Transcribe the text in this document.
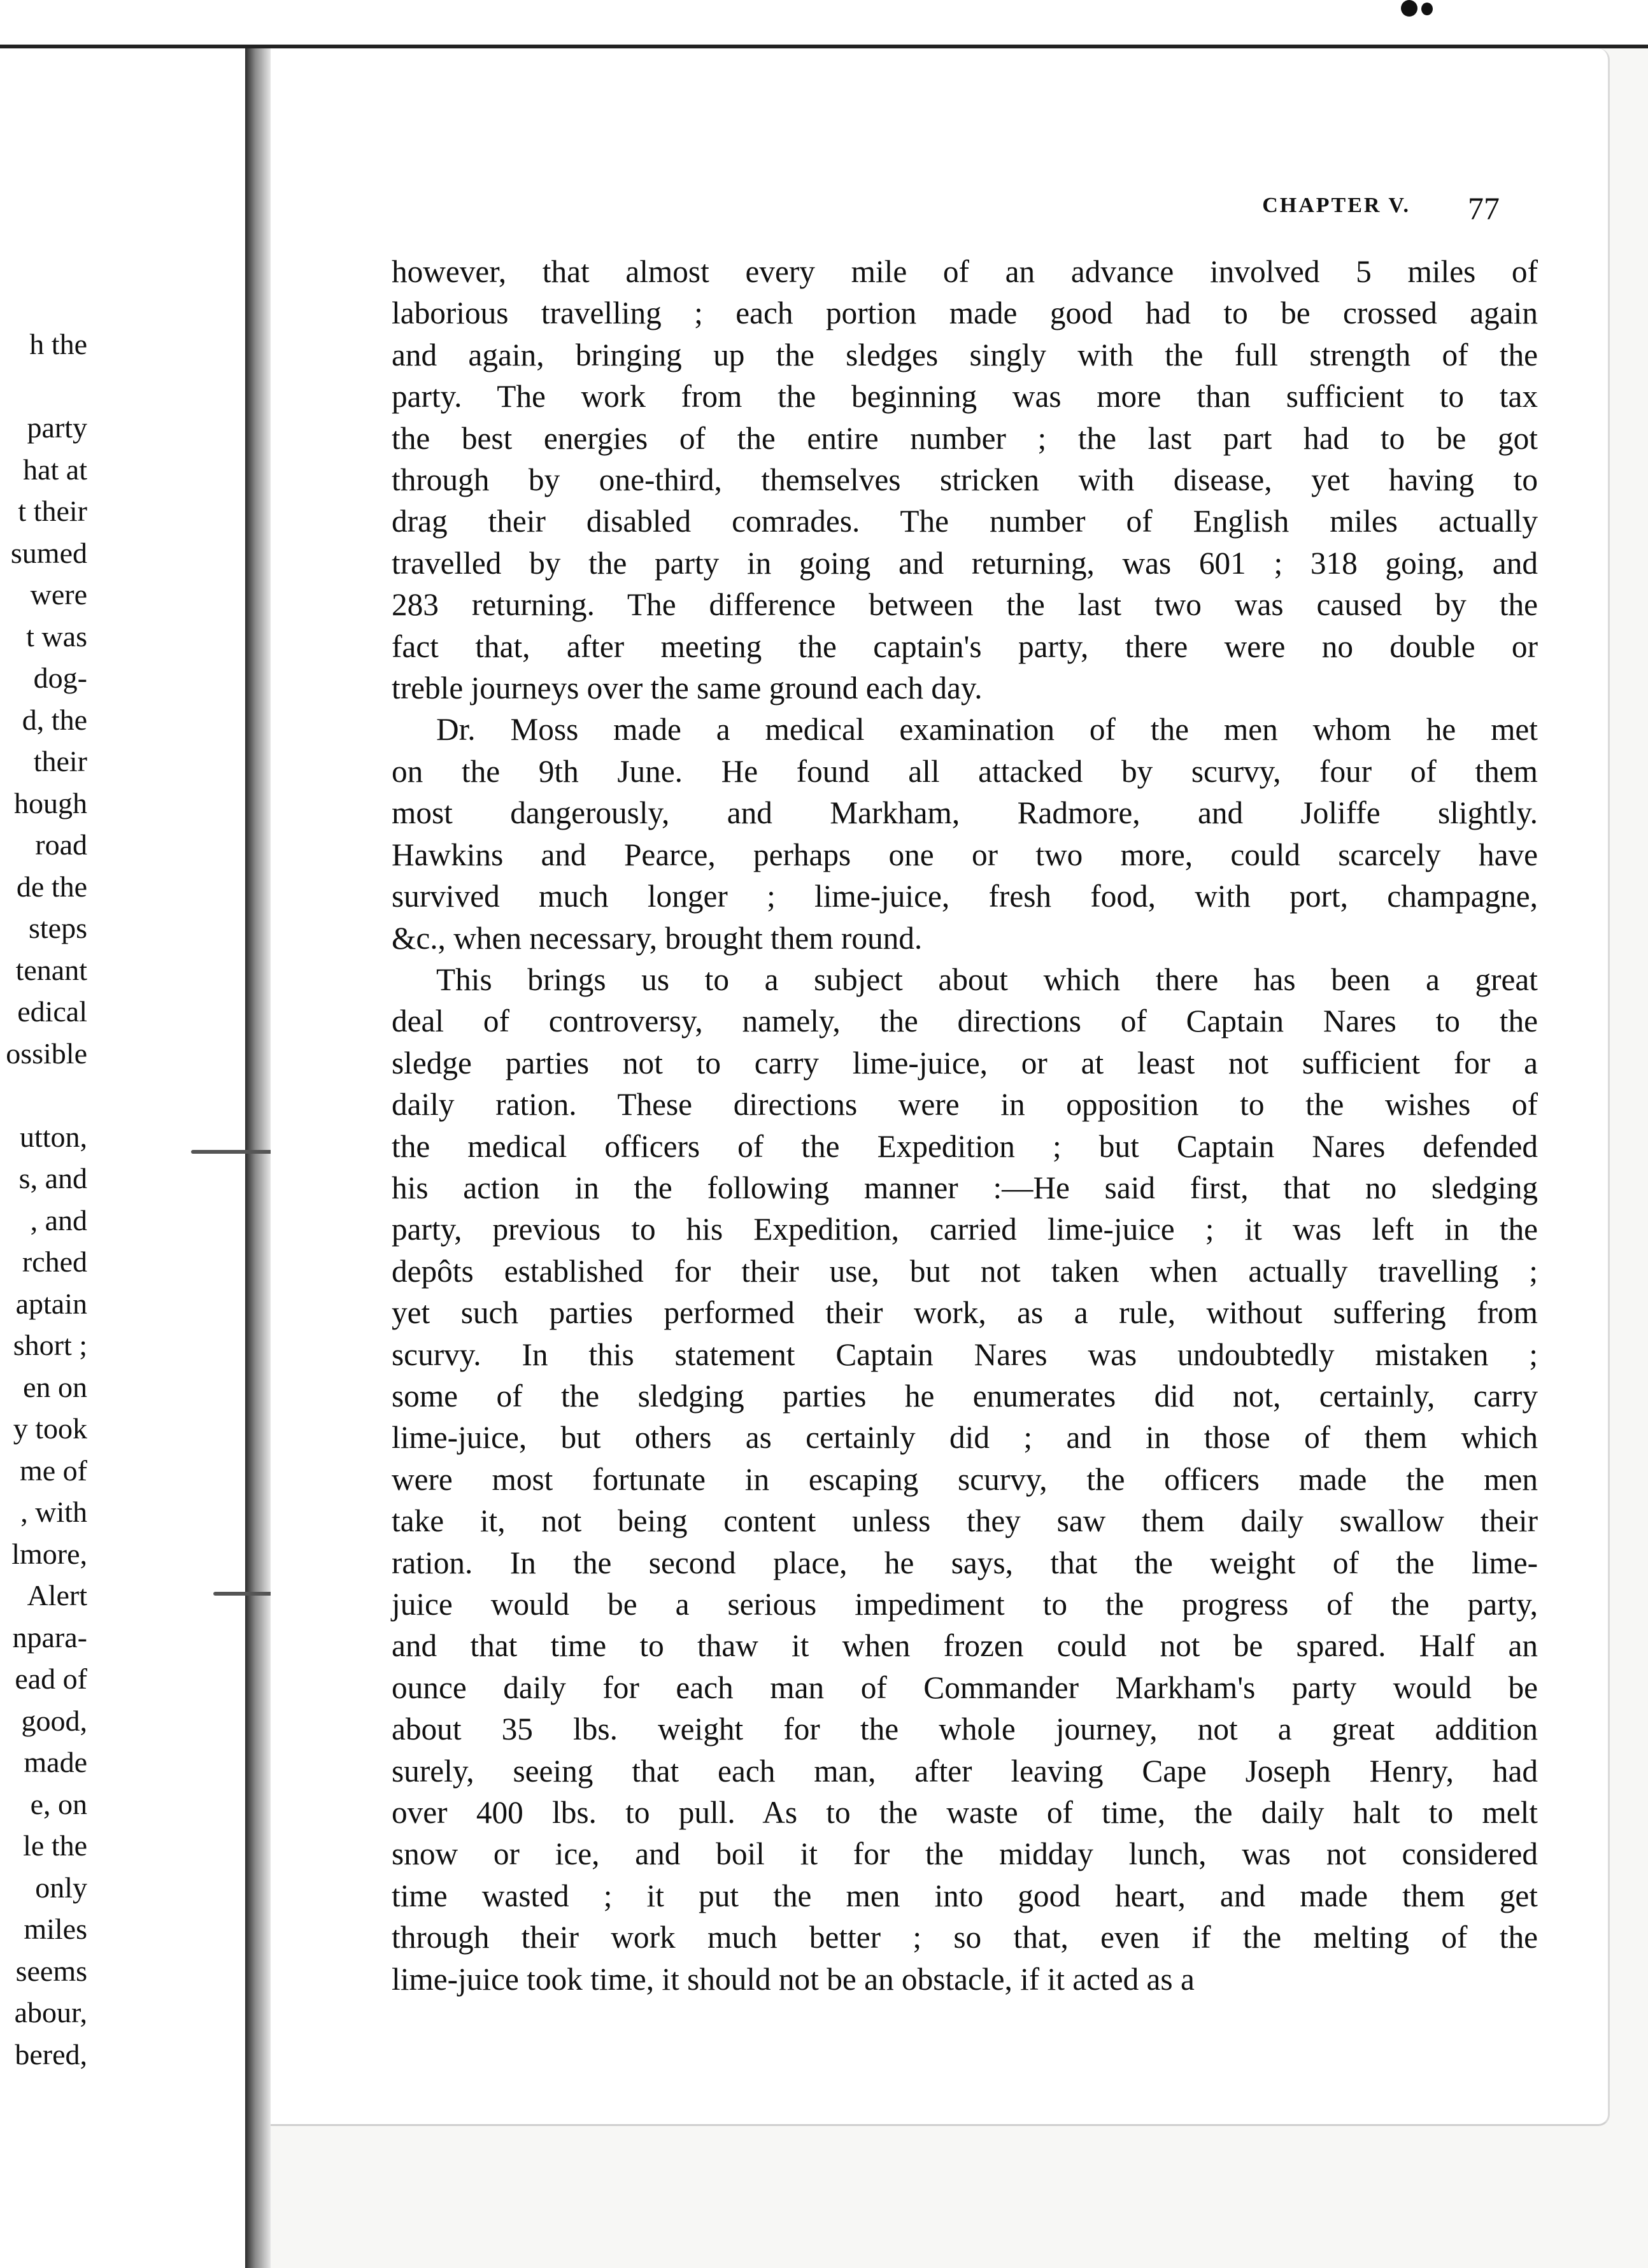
h the

party
hat at
t their
sumed
were
t was
dog-
d, the
their
hough
road
de the
steps
tenant
edical
ossible

utton,
s, and
, and
rched
aptain
short ;
en on
y took
me of
, with
lmore,
Alert
npara-
ead of
good,
made
e, on
le the
only
miles
seems
abour,
bered,
CHAPTER V.	77
however, that almost every mile of an advance involved 5 miles of
laborious travelling ; each portion made good had to be crossed again
and again, bringing up the sledges singly with the full strength of the
party. The work from the beginning was more than sufficient to tax
the best energies of the entire number ; the last part had to be got
through by one-third, themselves stricken with disease, yet having to
drag their disabled comrades. The number of English miles actually
travelled by the party in going and returning, was 601 ; 318 going, and
283 returning. The difference between the last two was caused by the
fact that, after meeting the captain's party, there were no double or
treble journeys over the same ground each day.
Dr. Moss made a medical examination of the men whom he met
on the 9th June. He found all attacked by scurvy, four of them
most dangerously, and Markham, Radmore, and Joliffe slightly.
Hawkins and Pearce, perhaps one or two more, could scarcely have
survived much longer ; lime-juice, fresh food, with port, champagne,
&c., when necessary, brought them round.
This brings us to a subject about which there has been a great
deal of controversy, namely, the directions of Captain Nares to the
sledge parties not to carry lime-juice, or at least not sufficient for a
daily ration. These directions were in opposition to the wishes of
the medical officers of the Expedition ; but Captain Nares defended
his action in the following manner :—He said first, that no sledging
party, previous to his Expedition, carried lime-juice ; it was left in the
depôts established for their use, but not taken when actually travelling ;
yet such parties performed their work, as a rule, without suffering from
scurvy. In this statement Captain Nares was undoubtedly mistaken ;
some of the sledging parties he enumerates did not, certainly, carry
lime-juice, but others as certainly did ; and in those of them which
were most fortunate in escaping scurvy, the officers made the men
take it, not being content unless they saw them daily swallow their
ration. In the second place, he says, that the weight of the lime-
juice would be a serious impediment to the progress of the party,
and that time to thaw it when frozen could not be spared. Half an
ounce daily for each man of Commander Markham's party would be
about 35 lbs. weight for the whole journey, not a great addition
surely, seeing that each man, after leaving Cape Joseph Henry, had
over 400 lbs. to pull. As to the waste of time, the daily halt to melt
snow or ice, and boil it for the midday lunch, was not considered
time wasted ; it put the men into good heart, and made them get
through their work much better ; so that, even if the melting of the
lime-juice took time, it should not be an obstacle, if it acted as a
